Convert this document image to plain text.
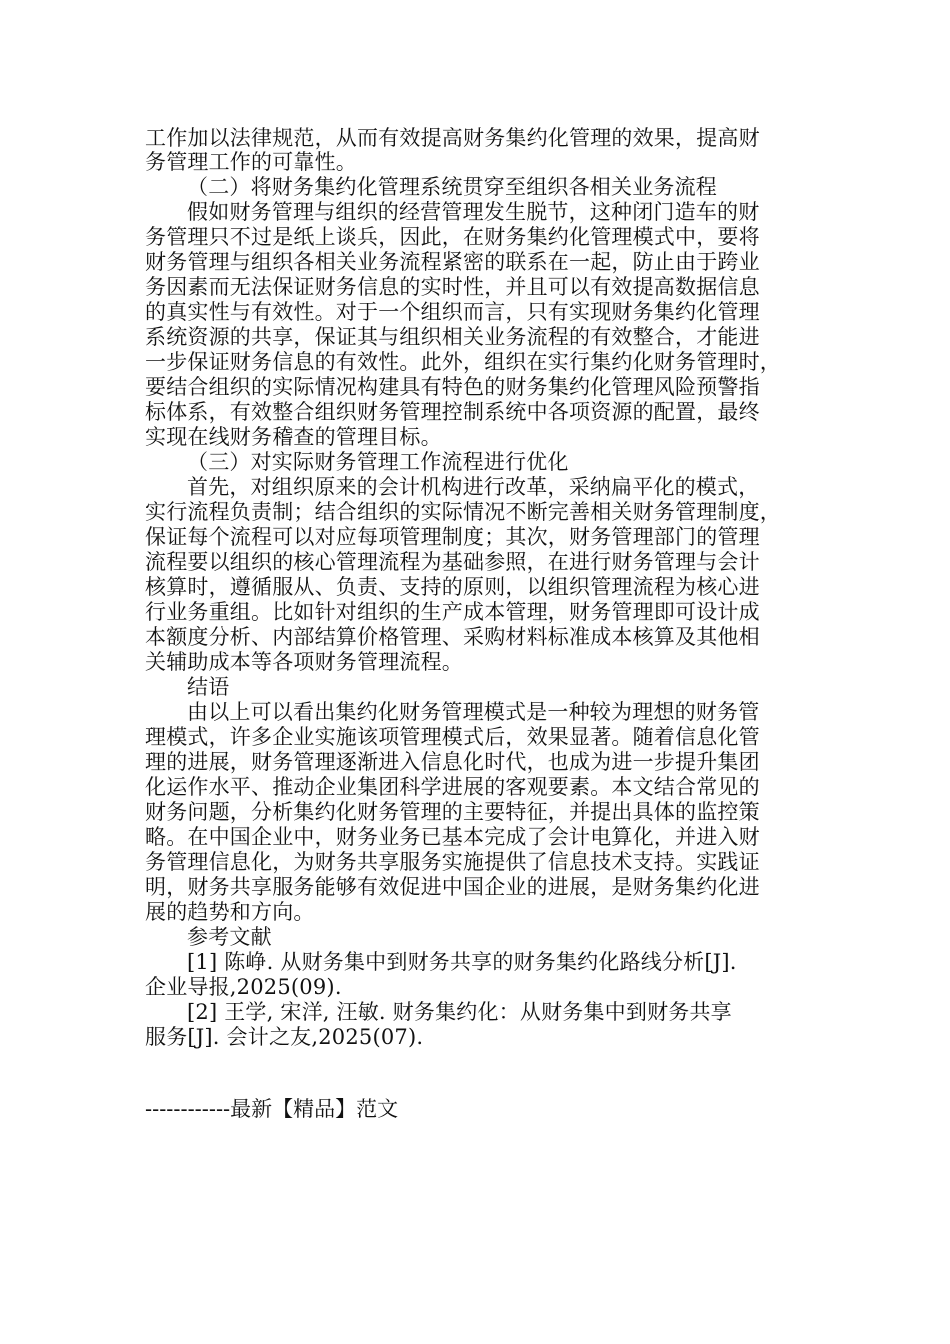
工作加以法律规范，从而有效提高财务集约化管理的效果，提高财
务管理工作的可靠性。
（二）将财务集约化管理系统贯穿至组织各相关业务流程
假如财务管理与组织的经营管理发生脱节，这种闭门造车的财
务管理只不过是纸上谈兵，因此，在财务集约化管理模式中，要将
财务管理与组织各相关业务流程紧密的联系在一起，防止由于跨业
务因素而无法保证财务信息的实时性，并且可以有效提高数据信息
的真实性与有效性。对于一个组织而言，只有实现财务集约化管理
系统资源的共享，保证其与组织相关业务流程的有效整合，才能进
一步保证财务信息的有效性。此外，组织在实行集约化财务管理时，
要结合组织的实际情况构建具有特色的财务集约化管理风险预警指
标体系，有效整合组织财务管理控制系统中各项资源的配置，最终
实现在线财务稽查的管理目标。
（三）对实际财务管理工作流程进行优化
首先，对组织原来的会计机构进行改革，采纳扁平化的模式，
实行流程负责制；结合组织的实际情况不断完善相关财务管理制度，
保证每个流程可以对应每项管理制度；其次，财务管理部门的管理
流程要以组织的核心管理流程为基础参照，在进行财务管理与会计
核算时，遵循服从、负责、支持的原则，以组织管理流程为核心进
行业务重组。比如针对组织的生产成本管理，财务管理即可设计成
本额度分析、内部结算价格管理、采购材料标准成本核算及其他相
关辅助成本等各项财务管理流程。
结语
由以上可以看出集约化财务管理模式是一种较为理想的财务管
理模式，许多企业实施该项管理模式后，效果显著。随着信息化管
理的进展，财务管理逐渐进入信息化时代，也成为进一步提升集团
化运作水平、推动企业集团科学进展的客观要素。本文结合常见的
财务问题，分析集约化财务管理的主要特征，并提出具体的监控策
略。在中国企业中，财务业务已基本完成了会计电算化，并进入财
务管理信息化，为财务共享服务实施提供了信息技术支持。实践证
明，财务共享服务能够有效促进中国企业的进展，是财务集约化进
展的趋势和方向。
参考文献
[1] 陈峥. 从财务集中到财务共享的财务集约化路线分析[J].
企业导报,2025(09).
[2] 王学, 宋洋, 汪敏. 财务集约化：从财务集中到财务共享
服务[J]. 会计之友,2025(07).
------------最新【精品】范文
